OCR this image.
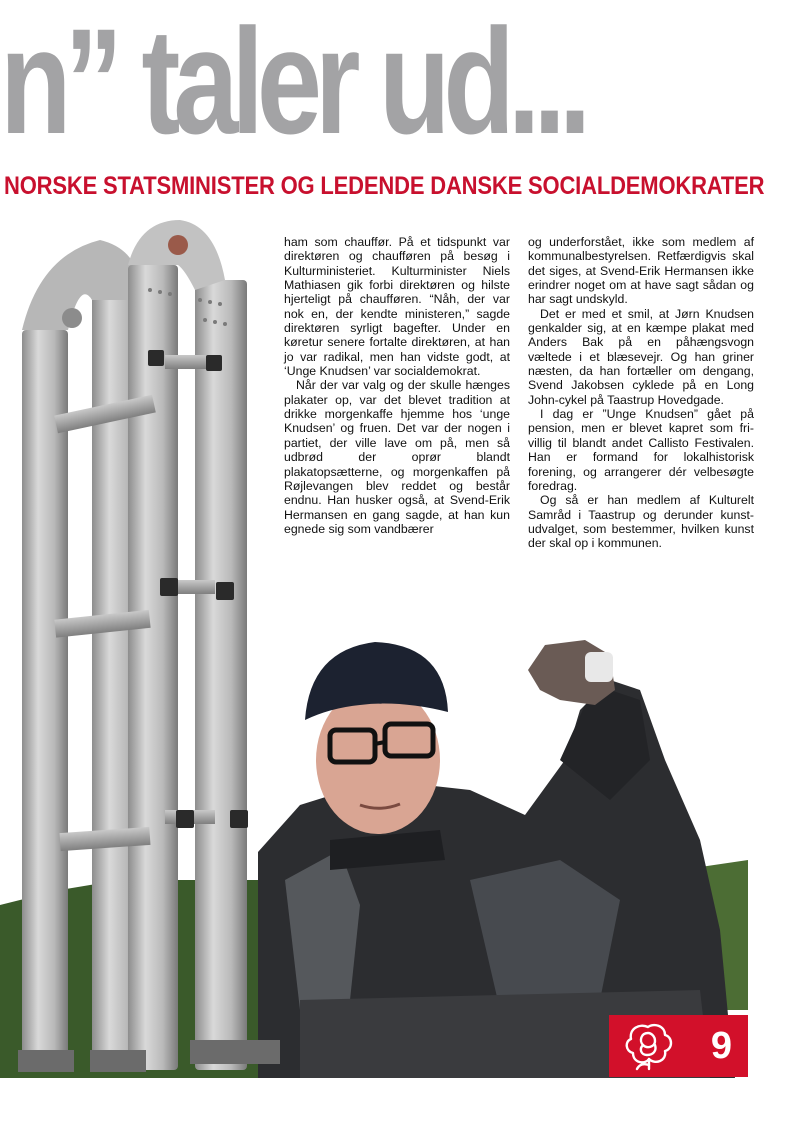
n” taler ud...
NORSKE STATSMINISTER OG LEDENDE DANSKE SOCIALDEMOKRATER

ham som chauffør. På et tidspunkt var direktøren og chaufføren på besøg i Kulturministeriet. Kulturminister Niels Mathiasen gik forbi direktøren og hilste hjerteligt på chaufføren. “Nåh, der var nok en, der kendte ministeren,” sagde direktøren syrligt bagefter. Under en køretur senere fortalte direktøren, at han jo var radikal, men han vidste godt, at ‘Unge Knudsen’ var socialdemokrat.

Når der var valg og der skulle hænges plakater op, var det blevet tradition at drikke morgenkaffe hjemme hos ‘unge Knudsen’ og fruen. Det var der nogen i partiet, der ville lave om på, men så udbrød der oprør blandt plakatopsætterne, og morgenkaffen på Røjlevangen blev reddet og består endnu. Han husker også, at Svend-Erik Hermansen en gang sagde, at han kun egnede sig som vandbærer

og underforstået, ikke som medlem af kommunalbestyrelsen. Retfærdigvis skal det siges, at Svend-Erik Hermansen ikke erindrer noget om at have sagt sådan og har sagt undskyld.

Det er med et smil, at Jørn Knudsen genkalder sig, at en kæmpe plakat med Anders Bak på en påhængsvogn væltede i et blæsevejr. Og han griner næsten, da han fortæller om dengang, Svend Jakobsen cyklede på en Long John-cykel på Taastrup Hovedgade.

I dag er ”Unge Knudsen” gået på pension, men er blevet kapret som frivillig til blandt andet Callisto Festivalen. Han er formand for lokalhistorisk forening, og arrangerer dér velbesøgte foredrag.

Og så er han medlem af Kulturelt Samråd i Taastrup og derunder kunstudvalget, som bestemmer, hvilken kunst der skal op i kommunen.

9
